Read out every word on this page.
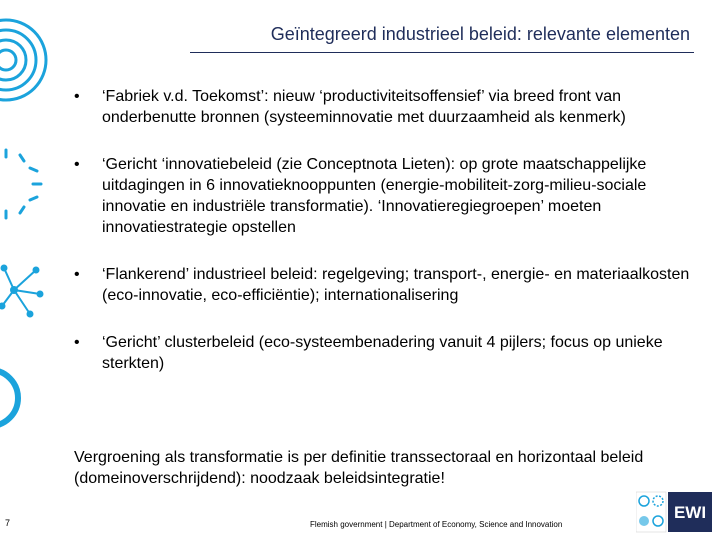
Geïntegreerd industrieel beleid: relevante elementen
• ‘Fabriek v.d. Toekomst’: nieuw ‘productiviteitsoffensief’ via breed front van onderbenutte bronnen (systeeminnovatie met duurzaamheid als kenmerk)
• ‘Gericht ‘innovatiebeleid (zie Conceptnota Lieten): op grote maatschappelijke uitdagingen in 6 innovatieknooppunten (energie-mobiliteit-zorg-milieu-sociale innovatie en industriële transformatie). ‘Innovatieregiegroepen’ moeten innovatiestrategie opstellen
• ‘Flankerend’ industrieel beleid: regelgeving; transport-, energie- en materiaalkosten (eco-innovatie, eco-efficiëntie); internationalisering
• ‘Gericht’ clusterbeleid (eco-systeembenadering vanuit 4 pijlers; focus op unieke sterkten)

Vergroening als transformatie is per definitie transsectoraal en horizontaal beleid (domeinoverschrijdend): noodzaak beleidsintegratie!

7	Flemish government | Department of Economy, Science and Innovation
EWI
